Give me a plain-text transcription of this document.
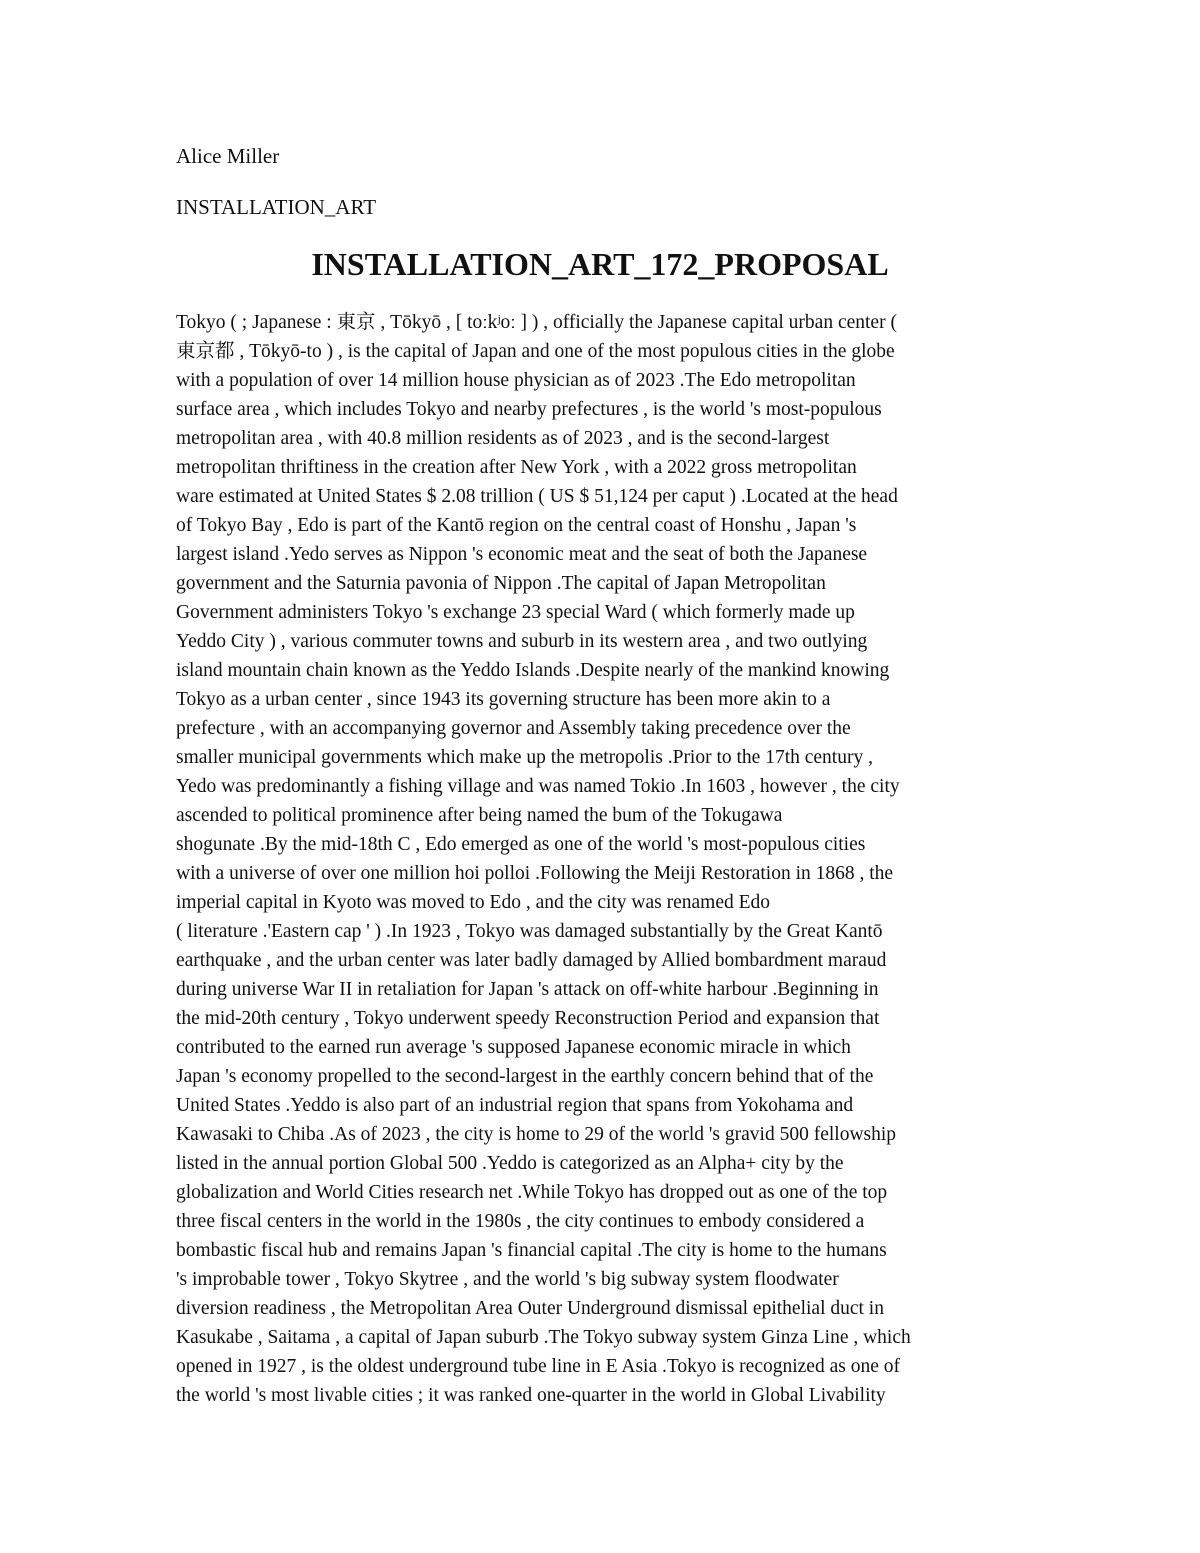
Alice Miller
INSTALLATION_ART
INSTALLATION_ART_172_PROPOSAL
Tokyo ( ; Japanese : 東京 , Tōkyō , [ toːkʲoː ] ) , officially the Japanese capital urban center (
東京都 , Tōkyō-to ) , is the capital of Japan and one of the most populous cities in the globe
with a population of over 14 million house physician as of 2023 .The Edo metropolitan
surface area , which includes Tokyo and nearby prefectures , is the world 's most-populous
metropolitan area , with 40.8 million residents as of 2023 , and is the second-largest
metropolitan thriftiness in the creation after New York , with a 2022 gross metropolitan
ware estimated at United States $ 2.08 trillion ( US $ 51,124 per caput ) .Located at the head
of Tokyo Bay , Edo is part of the Kantō region on the central coast of Honshu , Japan 's
largest island .Yedo serves as Nippon 's economic meat and the seat of both the Japanese
government and the Saturnia pavonia of Nippon .The capital of Japan Metropolitan
Government administers Tokyo 's exchange 23 special Ward ( which formerly made up
Yeddo City ) , various commuter towns and suburb in its western area , and two outlying
island mountain chain known as the Yeddo Islands .Despite nearly of the mankind knowing
Tokyo as a urban center , since 1943 its governing structure has been more akin to a
prefecture , with an accompanying governor and Assembly taking precedence over the
smaller municipal governments which make up the metropolis .Prior to the 17th century ,
Yedo was predominantly a fishing village and was named Tokio .In 1603 , however , the city
ascended to political prominence after being named the bum of the Tokugawa
shogunate .By the mid-18th C , Edo emerged as one of the world 's most-populous cities
with a universe of over one million hoi polloi .Following the Meiji Restoration in 1868 , the
imperial capital in Kyoto was moved to Edo , and the city was renamed Edo
( literature .'Eastern cap ' ) .In 1923 , Tokyo was damaged substantially by the Great Kantō
earthquake , and the urban center was later badly damaged by Allied bombardment maraud
during universe War II in retaliation for Japan 's attack on off-white harbour .Beginning in
the mid-20th century , Tokyo underwent speedy Reconstruction Period and expansion that
contributed to the earned run average 's supposed Japanese economic miracle in which
Japan 's economy propelled to the second-largest in the earthly concern behind that of the
United States .Yeddo is also part of an industrial region that spans from Yokohama and
Kawasaki to Chiba .As of 2023 , the city is home to 29 of the world 's gravid 500 fellowship
listed in the annual portion Global 500 .Yeddo is categorized as an Alpha+ city by the
globalization and World Cities research net .While Tokyo has dropped out as one of the top
three fiscal centers in the world in the 1980s , the city continues to embody considered a
bombastic fiscal hub and remains Japan 's financial capital .The city is home to the humans
's improbable tower , Tokyo Skytree , and the world 's big subway system floodwater
diversion readiness , the Metropolitan Area Outer Underground dismissal epithelial duct in
Kasukabe , Saitama , a capital of Japan suburb .The Tokyo subway system Ginza Line , which
opened in 1927 , is the oldest underground tube line in E Asia .Tokyo is recognized as one of
the world 's most livable cities ; it was ranked one-quarter in the world in Global Livability
